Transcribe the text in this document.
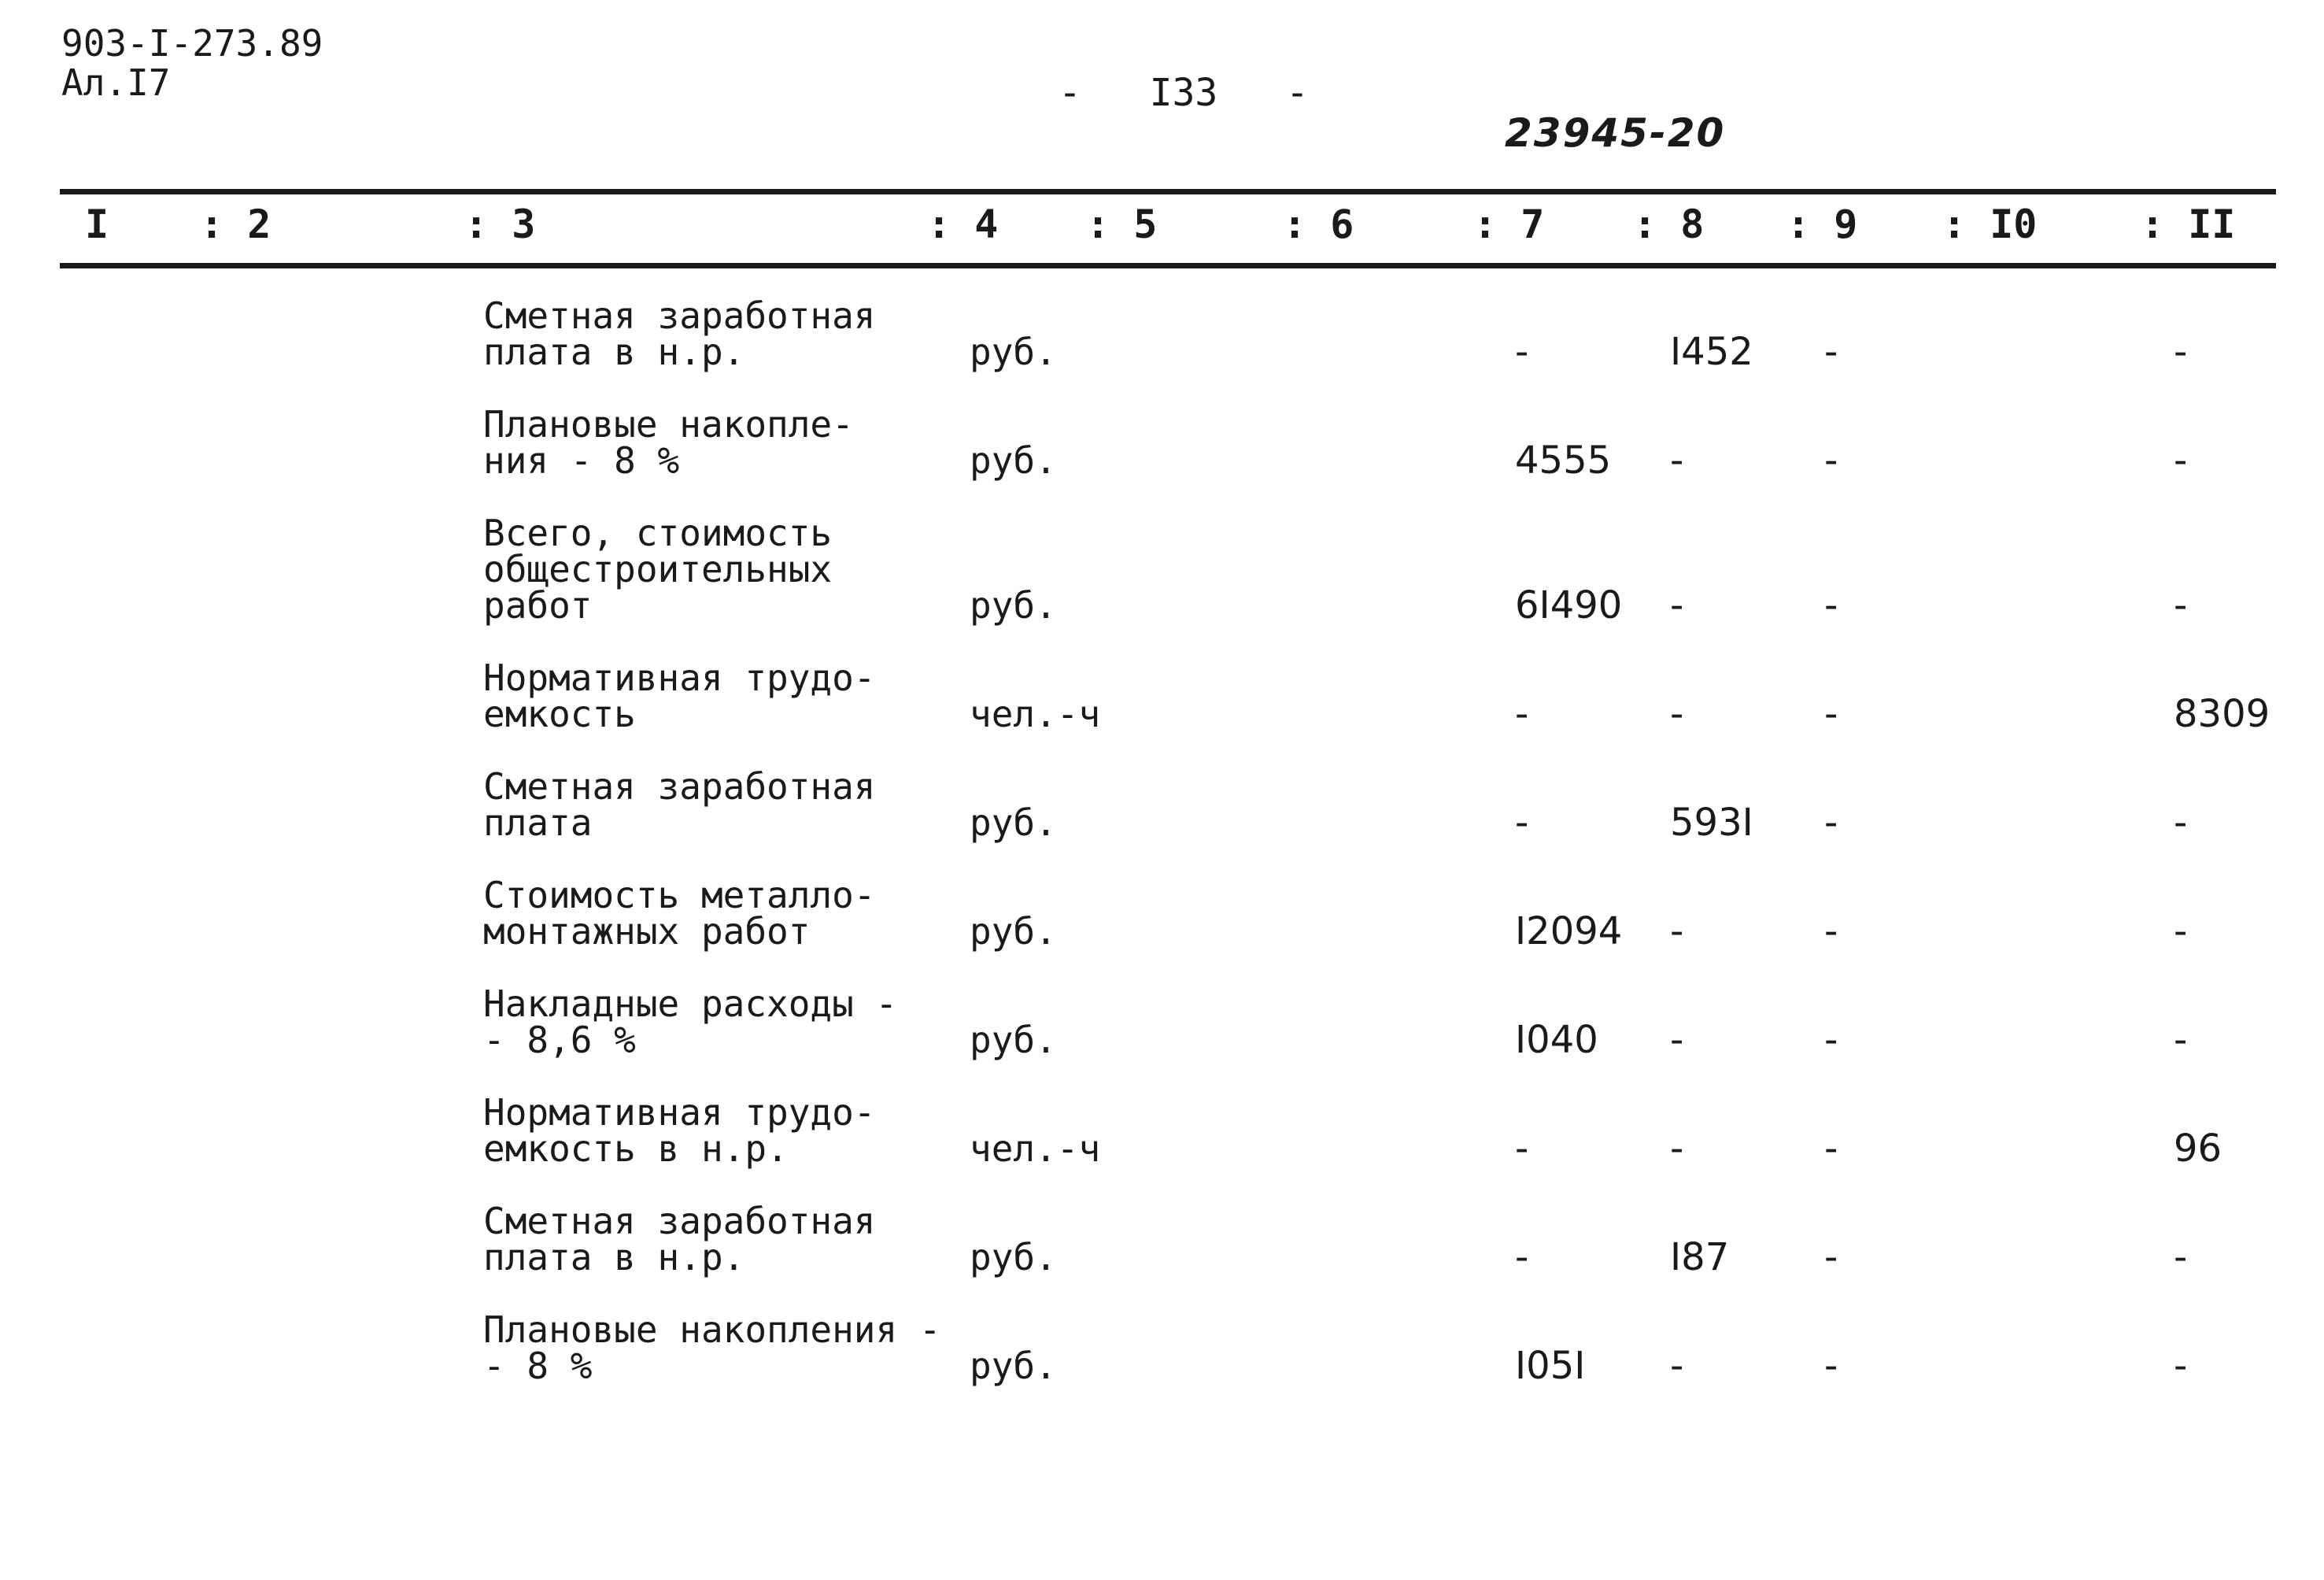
903-I-273.89
Ал.I7	-   I33   -
23945-20
I : 2	: 3	: 4 : 5	: 6	: 7 : 8 : 9 : I0	: II
Сметная заработная
плата в н.р.	руб.	-	I452 -	-
Плановые накопле-
ния - 8 %	руб.	4555 -	-	-
Всего, стоимость
общестроительных
работ	руб.	6I490 -	-	-
Нормативная трудо-
емкость	чел.-ч	-	-	-	8309
Сметная заработная
плата	руб.	-	593I -	-
Стоимость металло-
монтажных работ	руб.	I2094 -	-	-
Накладные расходы -
- 8,6 %	руб.	I040 -	-	-
Нормативная трудо-
емкость в н.р.	чел.-ч	-	-	-	96
Сметная заработная
плата в н.р.	руб.	-	I87	-	-
Плановые накопления -
- 8 %	руб.	I05I -	-	-
